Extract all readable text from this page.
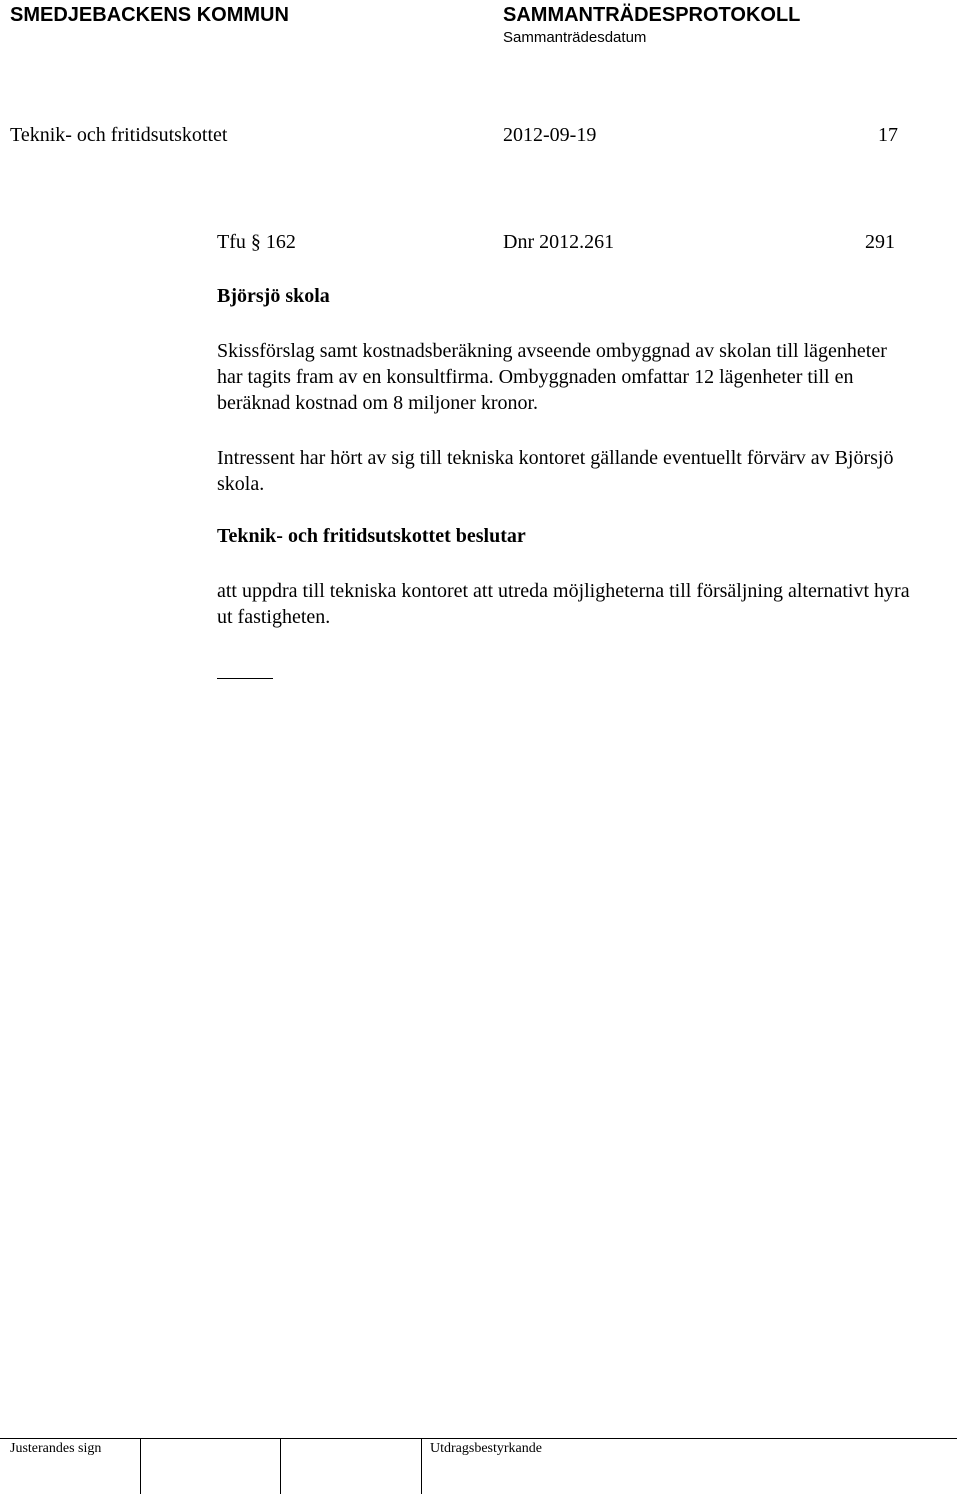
SMEDJEBACKENS KOMMUN	SAMMANTRÄDESPROTOKOLL
Sammanträdesdatum
Teknik- och fritidsutskottet	2012-09-19	17
Tfu § 162	Dnr 2012.261	291
Björsjö skola
Skissförslag samt kostnadsberäkning avseende ombyggnad av skolan till lägenheter har tagits fram av en konsultfirma. Ombyggnaden omfattar 12 lägenheter till en beräknad kostnad om 8 miljoner kronor.
Intressent har hört av sig till tekniska kontoret gällande eventuellt förvärv av Björsjö skola.
Teknik- och fritidsutskottet beslutar
att uppdra till tekniska kontoret att utreda möjligheterna till försäljning alternativt hyra ut fastigheten.
Justerandes sign	Utdragsbestyrkande
